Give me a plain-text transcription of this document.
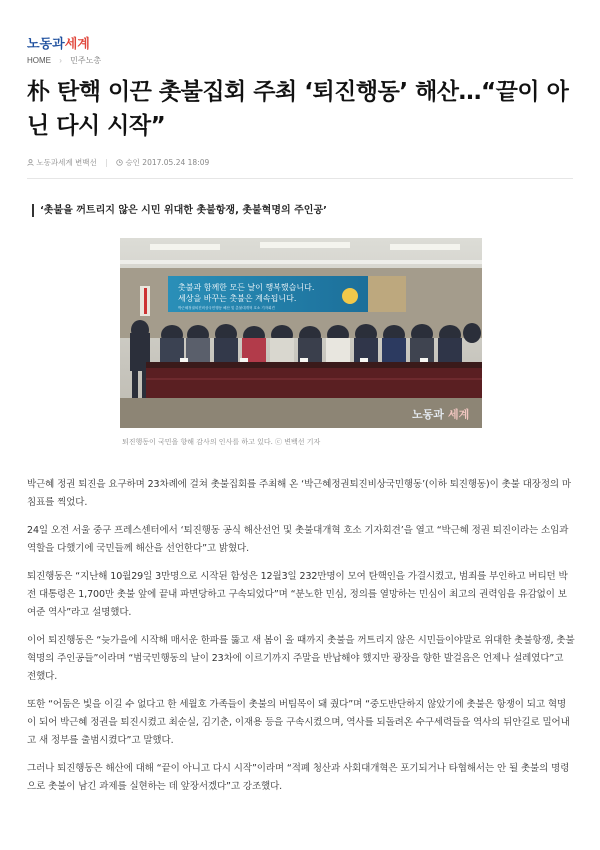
노동과세계
HOME › 민주노총
朴 탄핵 이끈 촛불집회 주최 ‘퇴진행동’ 해산…“끝이 아닌 다시 시작”
노동과세계 변백선 | 승인 2017.05.24 18:09
‘촛불을 꺼트리지 않은 시민 위대한 촛불항쟁, 촛불혁명의 주인공’
촛불과 함께한 모든 날이 행복했습니다.
세상을 바꾸는 촛불은 계속됩니다.
박근혜정권퇴진비상국민행동 해산 및 촛불대개혁 호소 기자회견
노동과 세계
퇴진행동이 국민을 향해 감사의 인사를 하고 있다. ⓒ 변백선 기자

박근혜 정권 퇴진을 요구하며 23차례에 걸쳐 촛불집회를 주최해 온 ‘박근혜정권퇴진비상국민행동’(이하 퇴진행동)이 촛불 대장정의 마침표를 찍었다.

24일 오전 서울 중구 프레스센터에서 ‘퇴진행동 공식 해산선언 및 촛불대개혁 호소 기자회견’을 열고 “박근혜 정권 퇴진이라는 소임과 역할을 다했기에 국민들께 해산을 선언한다”고 밝혔다.

퇴진행동은 “지난해 10월29일 3만명으로 시작된 함성은 12월3일 232만명이 모여 탄핵인을 가결시켰고, 범죄를 부인하고 버티던 박 전 대통령은 1,700만 촛불 앞에 끝내 파면당하고 구속되었다”며 “분노한 민심, 정의를 열망하는 민심이 최고의 권력임을 유감없이 보여준 역사”라고 설명했다.

이어 퇴진행동은 “늦가을에 시작해 매서운 한파를 뚫고 새 봄이 올 때까지 촛불을 꺼트리지 않은 시민들이야말로 위대한 촛불항쟁, 촛불혁명의 주인공들”이라며 “범국민행동의 날이 23차에 이르기까지 주말을 반납해야 했지만 광장을 향한 발걸음은 언제나 설레였다”고 전했다.

또한 “어둠은 빛을 이길 수 없다고 한 세월호 가족들이 촛불의 버팀목이 돼 줬다”며 “중도반단하지 않았기에 촛불은 항쟁이 되고 혁명이 되어 박근혜 정권을 퇴진시켰고 최순실, 김기춘, 이재용 등을 구속시켰으며, 역사를 되돌려온 수구세력들을 역사의 뒤안길로 밀어내고 새 정부를 출범시켰다”고 말했다.

그러나 퇴진행동은 해산에 대해 “끝이 아니고 다시 시작”이라며 “적폐 청산과 사회대개혁은 포기되거나 타협해서는 안 될 촛불의 명령으로 촛불이 남긴 과제를 실현하는 데 앞장서겠다”고 강조했다.
